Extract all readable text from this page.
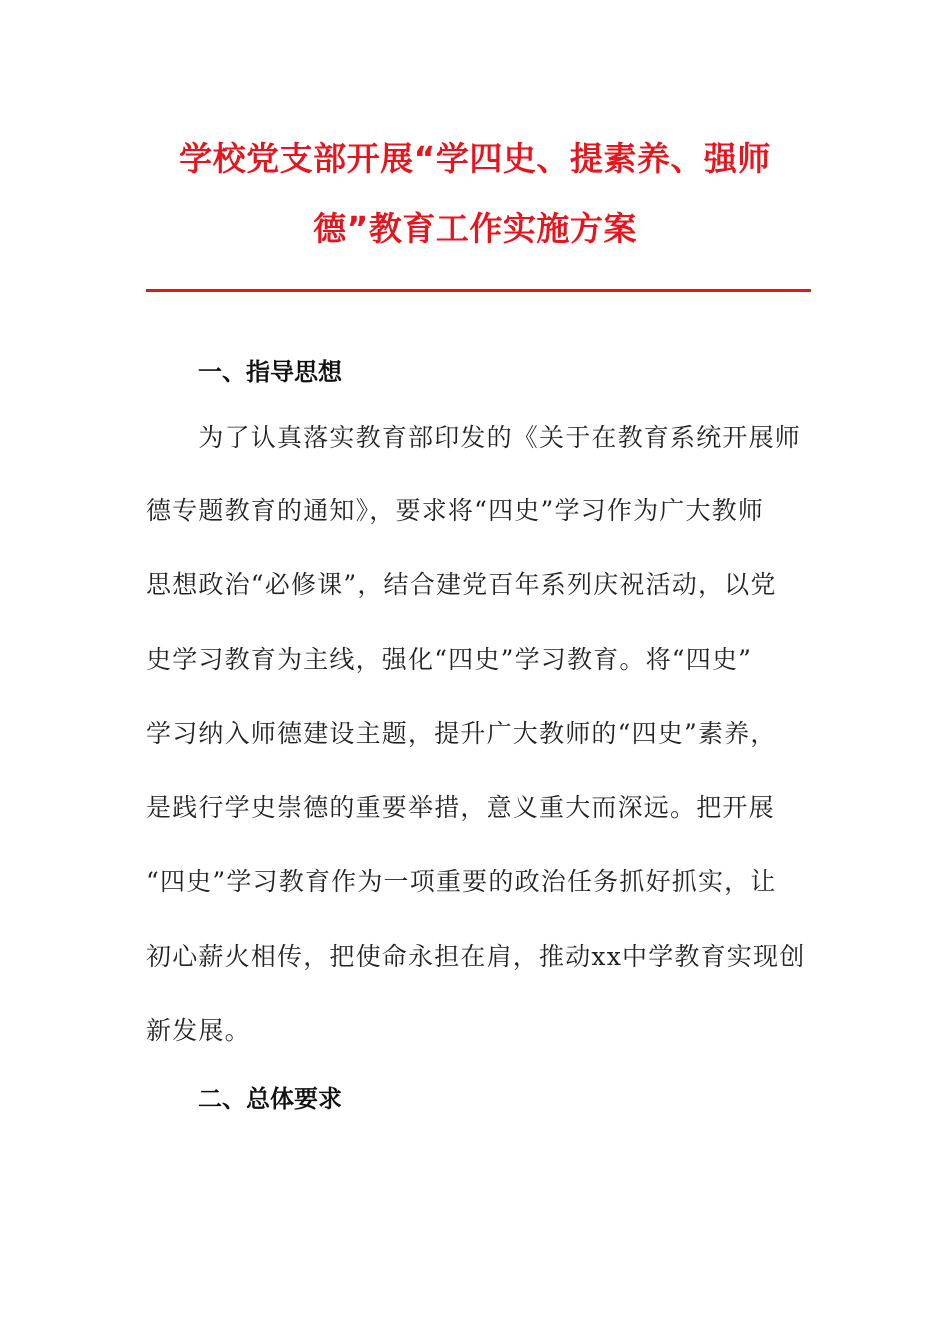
学校党支部开展“学四史、提素养、强师
德”教育工作实施方案
一、指导思想
　　为了认真落实教育部印发的《关于在教育系统开展师
德专题教育的通知》，要求将“四史”学习作为广大教师
思想政治“必修课”，结合建党百年系列庆祝活动，以党
史学习教育为主线，强化“四史”学习教育。将“四史”
学习纳入师德建设主题，提升广大教师的“四史”素养，
是践行学史崇德的重要举措，意义重大而深远。把开展
“四史”学习教育作为一项重要的政治任务抓好抓实，让
初心薪火相传，把使命永担在肩，推动xx中学教育实现创
新发展。
二、总体要求
